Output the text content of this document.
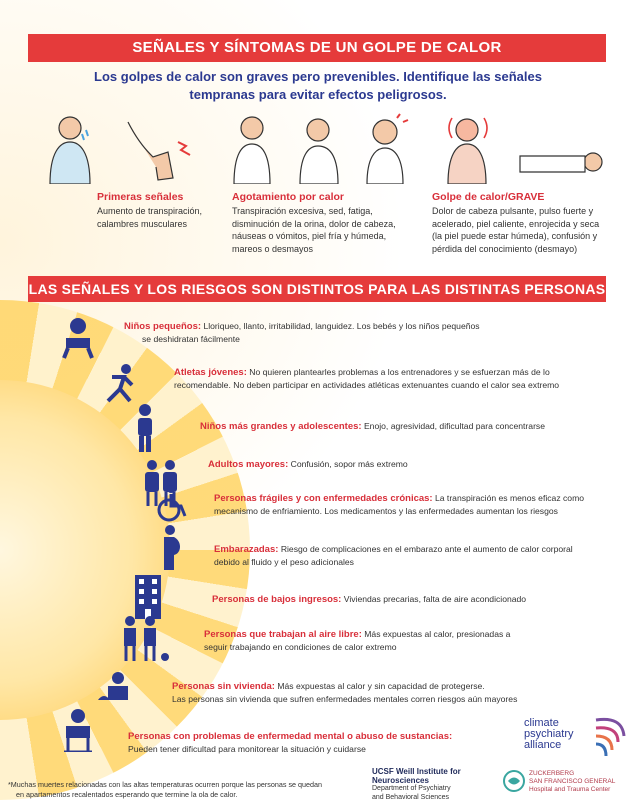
SEÑALES Y SÍNTOMAS DE UN GOLPE DE CALOR
Los golpes de calor son graves pero prevenibles. Identifique las señales
tempranas para evitar efectos peligrosos.
Primeras señales
Aumento de transpiración,
calambres musculares
Agotamiento por calor
Transpiración excesiva, sed, fatiga,
disminución de la orina, dolor de cabeza,
náuseas o vómitos, piel fría y húmeda,
mareos o desmayos
Golpe de calor/GRAVE
Dolor de cabeza pulsante, pulso fuerte y
acelerado, piel caliente, enrojecida y seca
(la piel puede estar húmeda), confusión y
pérdida del conocimiento (desmayo)
LAS SEÑALES Y LOS RIESGOS SON DISTINTOS PARA LAS DISTINTAS PERSONAS
Niños pequeños: Lloriqueo, llanto, irritabilidad, languidez. Los bebés y los niños pequeños
se deshidratan fácilmente
Atletas jóvenes: No quieren plantearles problemas a los entrenadores y se esfuerzan más de lo
recomendable. No deben participar en actividades atléticas extenuantes cuando el calor sea extremo
Niños más grandes y adolescentes: Enojo, agresividad, dificultad para concentrarse
Adultos mayores: Confusión, sopor más extremo
Personas frágiles y con enfermedades crónicas: La transpiración es menos eficaz como
mecanismo de enfriamiento. Los medicamentos y las enfermedades aumentan los riesgos
Embarazadas: Riesgo de complicaciones en el embarazo ante el aumento de calor corporal
debido al fluido y el peso adicionales
Personas de bajos ingresos: Viviendas precarias, falta de aire acondicionado
Personas que trabajan al aire libre: Más expuestas al calor, presionadas a
seguir trabajando en condiciones de calor extremo
Personas sin vivienda: Más expuestas al calor y sin capacidad de protegerse.
Las personas sin vivienda que sufren enfermedades mentales corren riesgos aún mayores
Personas con problemas de enfermedad mental o abuso de sustancias:
Pueden tener dificultad para monitorear la situación y cuidarse
climate
psychiatry
alliance
*Muchas muertes relacionadas con las altas temperaturas ocurren porque las personas se quedan
en apartamentos recalentados esperando que termine la ola de calor.
UCSF Weill Institute for Neurosciences
Department of Psychiatry
and Behavioral Sciences
ZUCKERBERG
SAN FRANCISCO GENERAL
Hospital and Trauma Center
